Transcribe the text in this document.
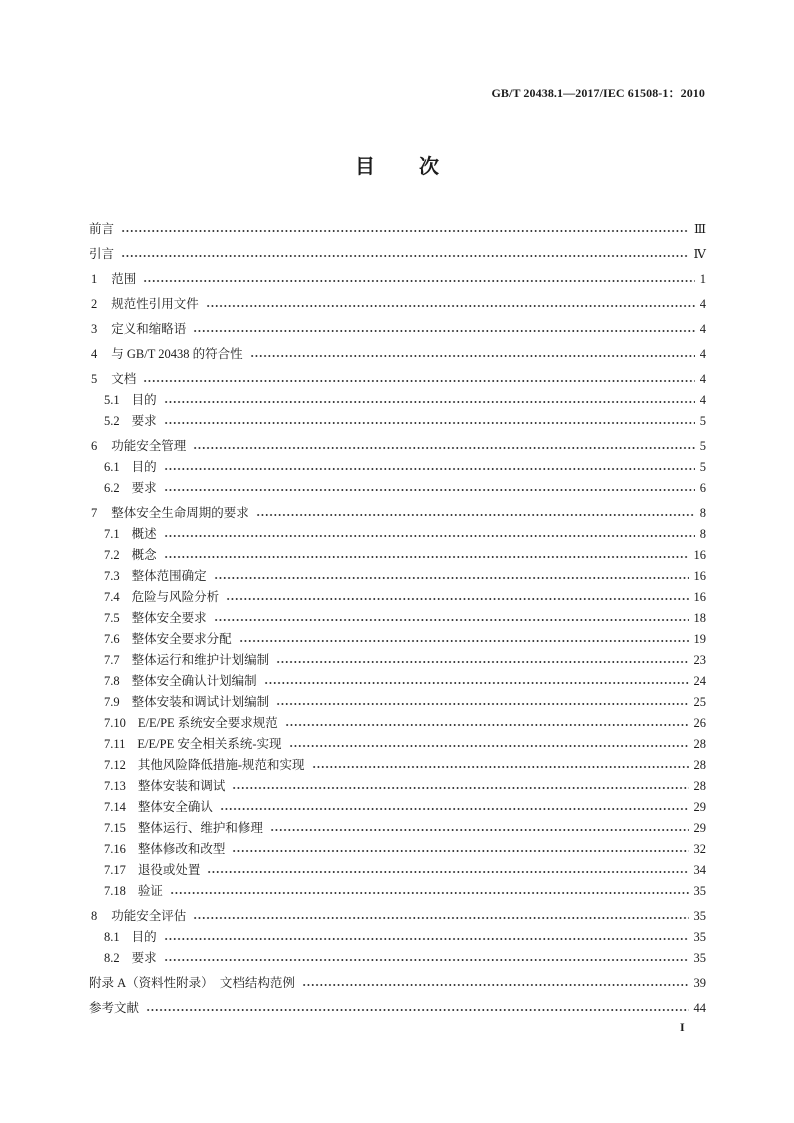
GB/T 20438.1—2017/IEC 61508-1：2010
目　次
前言	Ⅲ
引言	Ⅳ
1 范围	1
2 规范性引用文件	4
3 定义和缩略语	4
4 与 GB/T 20438 的符合性	4
5 文档	4
5.1 目的	4
5.2 要求	5
6 功能安全管理	5
6.1 目的	5
6.2 要求	6
7 整体安全生命周期的要求	8
7.1 概述	8
7.2 概念	16
7.3 整体范围确定	16
7.4 危险与风险分析	16
7.5 整体安全要求	18
7.6 整体安全要求分配	19
7.7 整体运行和维护计划编制	23
7.8 整体安全确认计划编制	24
7.9 整体安装和调试计划编制	25
7.10 E/E/PE 系统安全要求规范	26
7.11 E/E/PE 安全相关系统-实现	28
7.12 其他风险降低措施-规范和实现	28
7.13 整体安装和调试	28
7.14 整体安全确认	29
7.15 整体运行、维护和修理	29
7.16 整体修改和改型	32
7.17 退役或处置	34
7.18 验证	35
8 功能安全评估	35
8.1 目的	35
8.2 要求	35
附录 A（资料性附录）　文档结构范例	39
参考文献	44
I
